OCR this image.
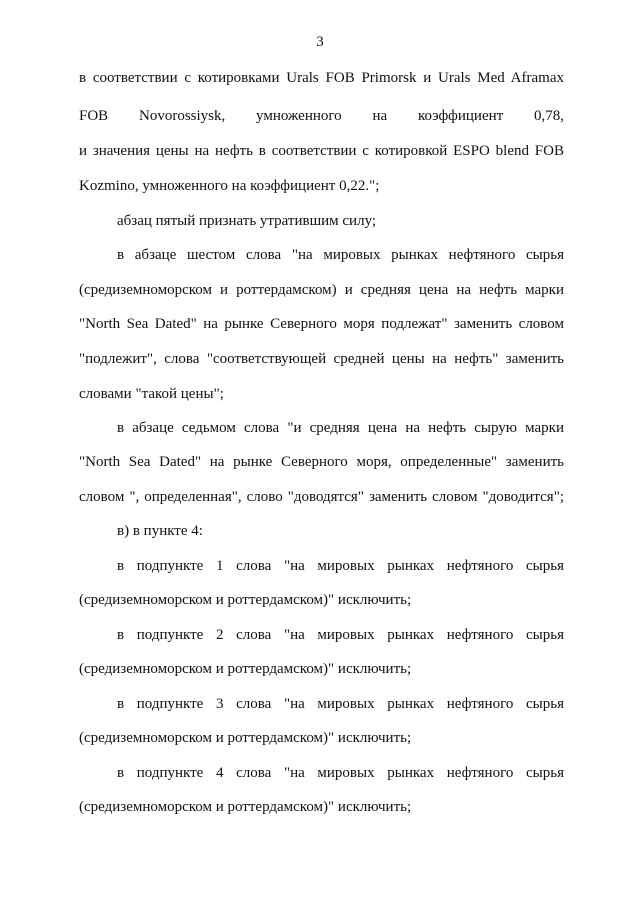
3
в соответствии с котировками Urals FOB Primorsk и Urals Med Aframax
FOB Novorossiysk, умноженного на коэффициент 0,78,
и значения цены на нефть в соответствии с котировкой ESPO blend FOB
Kozmino, умноженного на коэффициент 0,22.";
абзац пятый признать утратившим силу;
в абзаце шестом слова "на мировых рынках нефтяного сырья
(средиземноморском и роттердамском) и средняя цена на нефть марки
"North Sea Dated" на рынке Северного моря подлежат" заменить словом
"подлежит", слова "соответствующей средней цены на нефть" заменить
словами "такой цены";
в абзаце седьмом слова "и средняя цена на нефть сырую марки
"North Sea Dated" на рынке Северного моря, определенные" заменить
словом ", определенная", слово "доводятся" заменить словом "доводится";
в) в пункте 4:
в подпункте 1 слова "на мировых рынках нефтяного сырья
(средиземноморском и роттердамском)" исключить;
в подпункте 2 слова "на мировых рынках нефтяного сырья
(средиземноморском и роттердамском)" исключить;
в подпункте 3 слова "на мировых рынках нефтяного сырья
(средиземноморском и роттердамском)" исключить;
в подпункте 4 слова "на мировых рынках нефтяного сырья
(средиземноморском и роттердамском)" исключить;
